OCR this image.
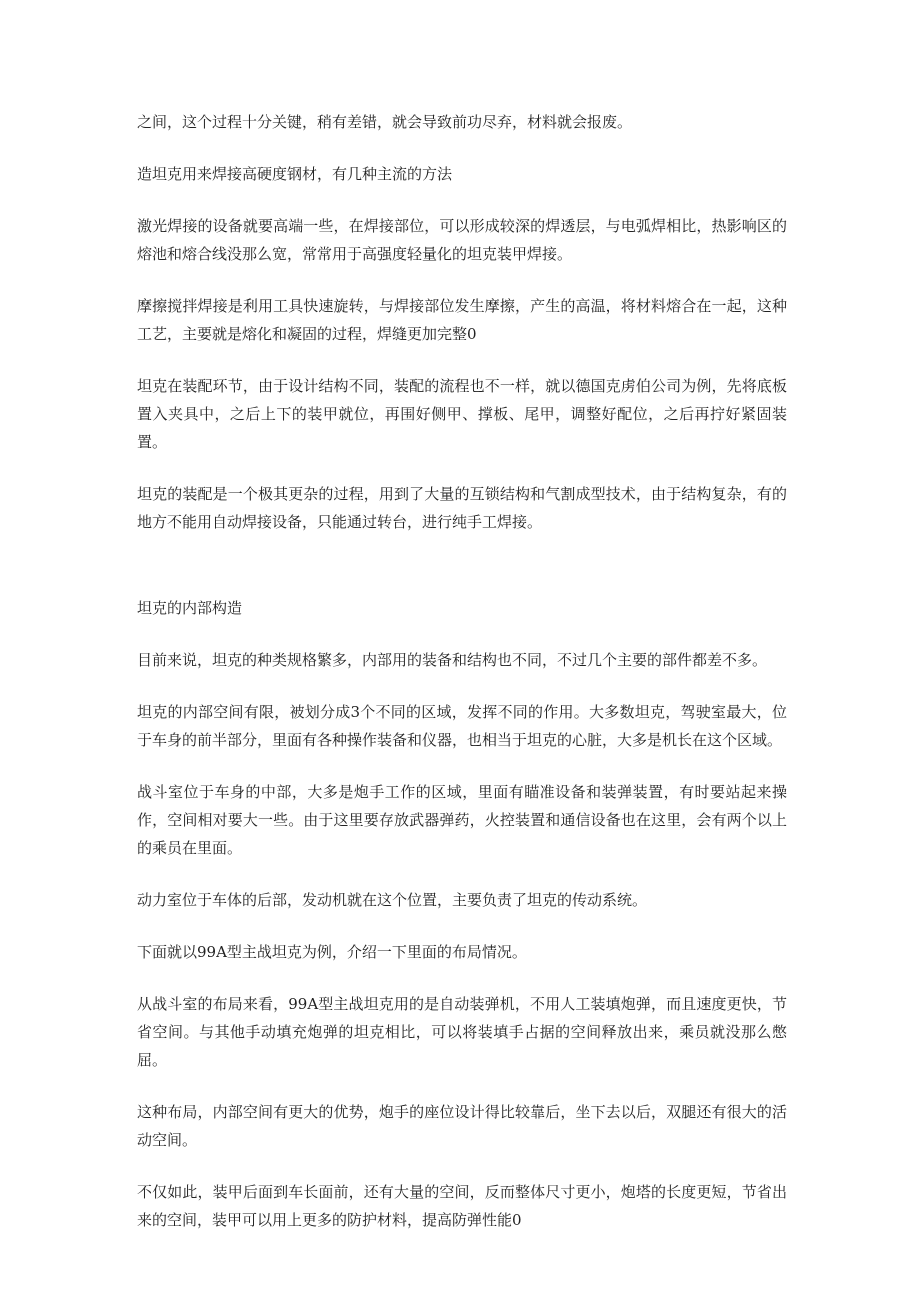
之间，这个过程十分关键，稍有差错，就会导致前功尽弃，材料就会报废。

造坦克用来焊接高硬度钢材，有几种主流的方法

激光焊接的设备就要高端一些，在焊接部位，可以形成较深的焊透层，与电弧焊相比，热影响区的熔池和熔合线没那么宽，常常用于高强度轻量化的坦克装甲焊接。

摩擦搅拌焊接是利用工具快速旋转，与焊接部位发生摩擦，产生的高温，将材料熔合在一起，这种工艺，主要就是熔化和凝固的过程，焊缝更加完整0

坦克在装配环节，由于设计结构不同，装配的流程也不一样，就以德国克虏伯公司为例，先将底板置入夹具中，之后上下的装甲就位，再围好侧甲、撑板、尾甲，调整好配位，之后再拧好紧固装置。

坦克的装配是一个极其更杂的过程，用到了大量的互锁结构和气割成型技术，由于结构复杂，有的地方不能用自动焊接设备，只能通过转台，进行纯手工焊接。

坦克的内部构造

目前来说，坦克的种类规格繁多，内部用的装备和结构也不同，不过几个主要的部件都差不多。

坦克的内部空间有限，被划分成3个不同的区域，发挥不同的作用。大多数坦克，驾驶室最大，位于车身的前半部分，里面有各种操作装备和仪器，也相当于坦克的心脏，大多是机长在这个区域。

战斗室位于车身的中部，大多是炮手工作的区域，里面有瞄准设备和装弹装置，有时要站起来操作，空间相对要大一些。由于这里要存放武器弹药，火控装置和通信设备也在这里，会有两个以上的乘员在里面。

动力室位于车体的后部，发动机就在这个位置，主要负责了坦克的传动系统。

下面就以99A型主战坦克为例，介绍一下里面的布局情况。

从战斗室的布局来看，99A型主战坦克用的是自动装弹机，不用人工装填炮弹，而且速度更快，节省空间。与其他手动填充炮弹的坦克相比，可以将装填手占据的空间释放出来，乘员就没那么憋屈。

这种布局，内部空间有更大的优势，炮手的座位设计得比较靠后，坐下去以后，双腿还有很大的活动空间。

不仅如此，装甲后面到车长面前，还有大量的空间，反而整体尺寸更小，炮塔的长度更短，节省出来的空间，装甲可以用上更多的防护材料，提高防弹性能0
